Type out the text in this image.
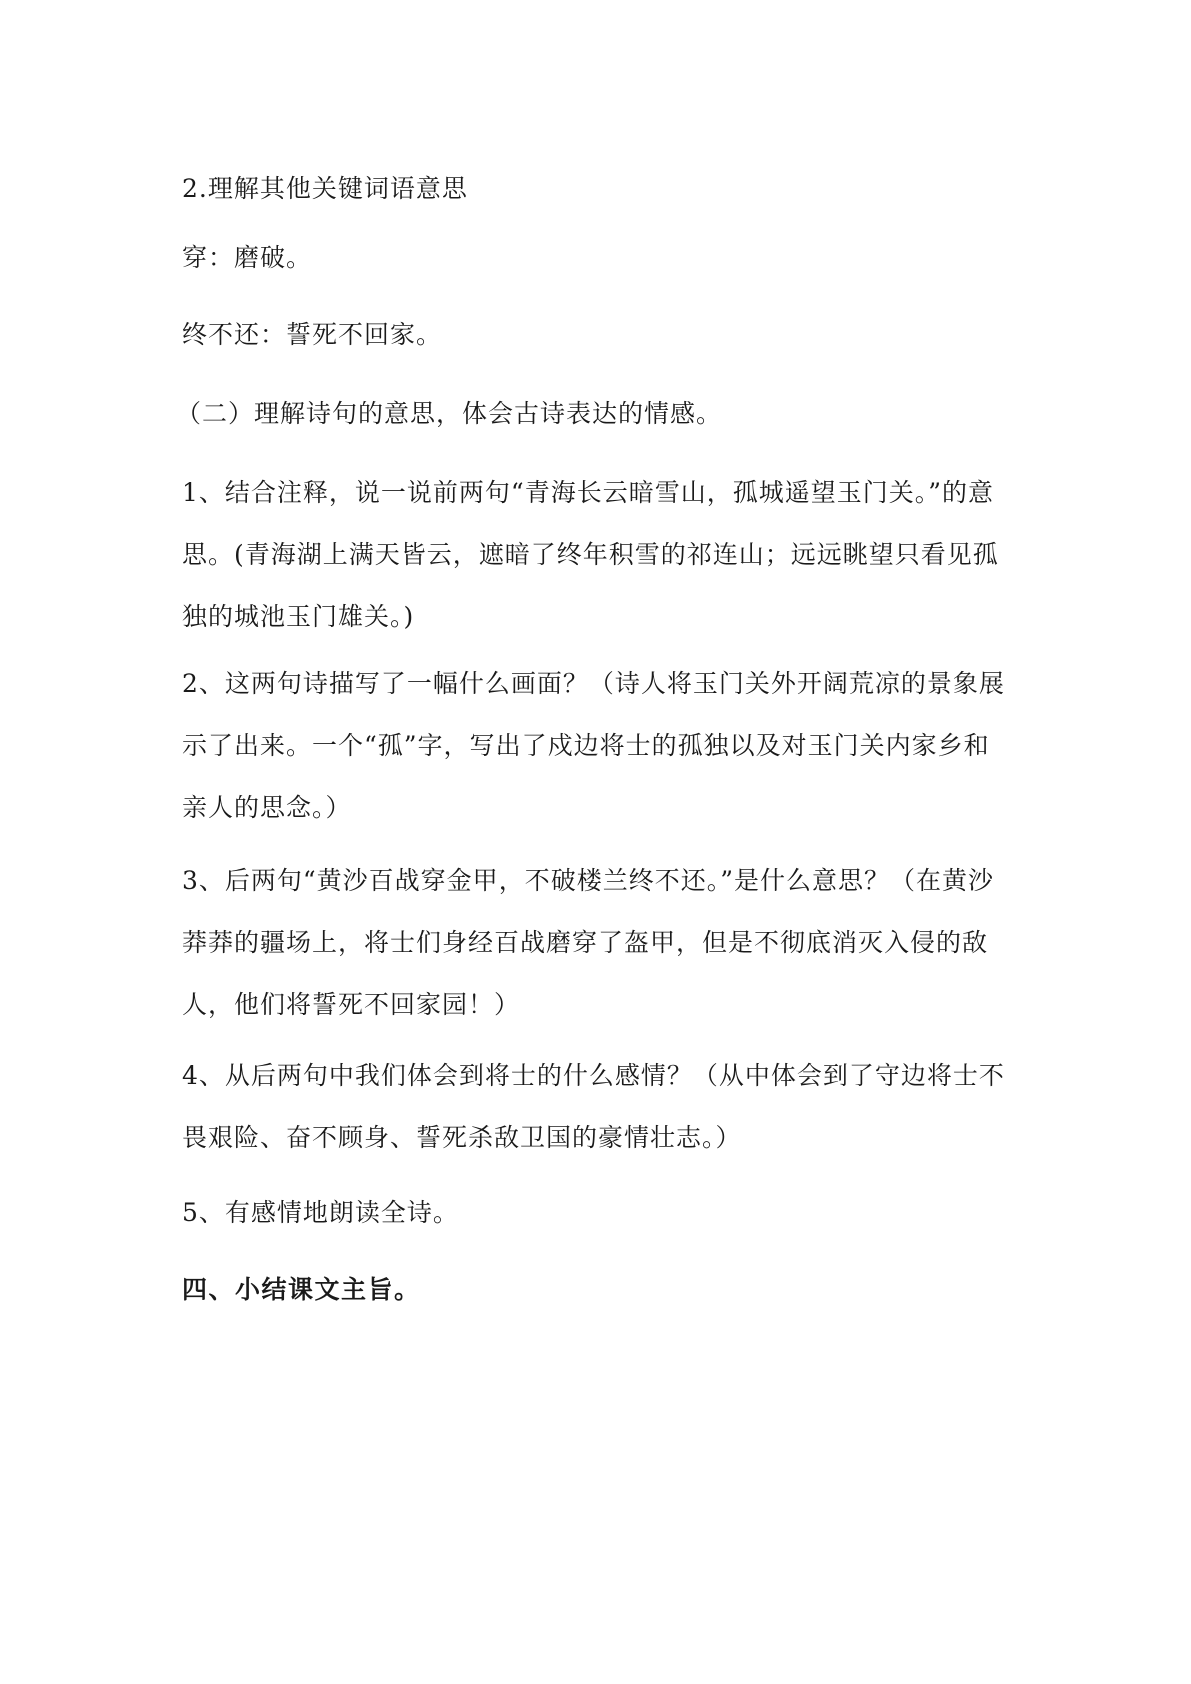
2.理解其他关键词语意思

穿：磨破。

终不还：誓死不回家。

（二）理解诗句的意思，体会古诗表达的情感。

1、结合注释，说一说前两句“青海长云暗雪山，孤城遥望玉门关。”的意思。(青海湖上满天皆云，遮暗了终年积雪的祁连山；远远眺望只看见孤独的城池玉门雄关。)

2、这两句诗描写了一幅什么画面？（诗人将玉门关外开阔荒凉的景象展示了出来。一个“孤”字，写出了戍边将士的孤独以及对玉门关内家乡和亲人的思念。）

3、后两句“黄沙百战穿金甲，不破楼兰终不还。”是什么意思？（在黄沙莽莽的疆场上，将士们身经百战磨穿了盔甲，但是不彻底消灭入侵的敌人，他们将誓死不回家园！）

4、从后两句中我们体会到将士的什么感情？（从中体会到了守边将士不畏艰险、奋不顾身、誓死杀敌卫国的豪情壮志。）

5、有感情地朗读全诗。

四、小结课文主旨。
